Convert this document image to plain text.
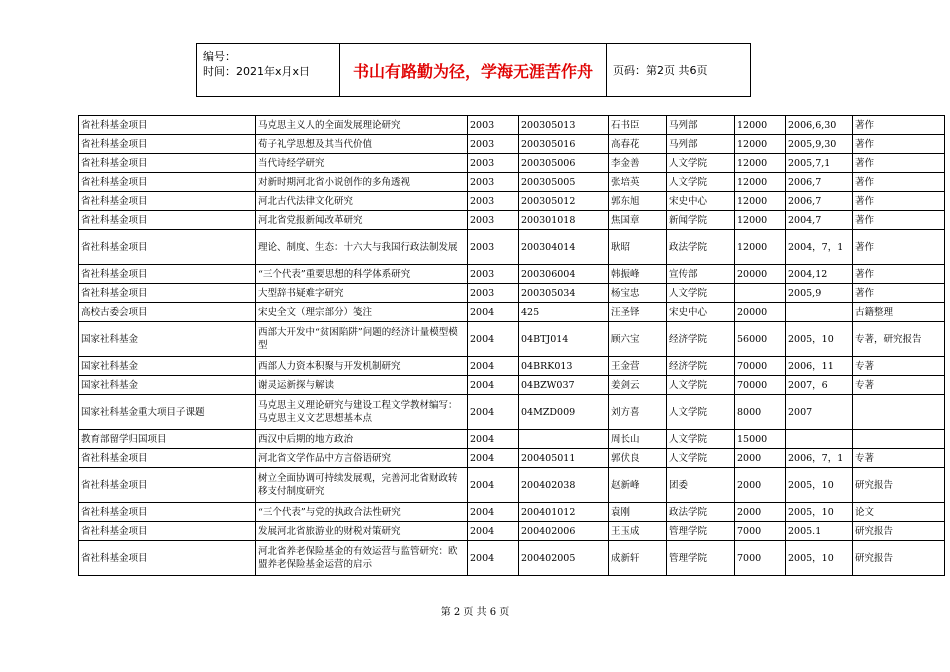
编号：
时间：2021年x月x日	书山有路勤为径，学海无涯苦作舟	页码：第2页 共6页
省社科基金项目	马克思主义人的全面发展理论研究	2003	200305013	石书臣	马列部	12000	2006,6,30	著作
省社科基金项目	荀子礼学思想及其当代价值	2003	200305016	高春花	马列部	12000	2005,9,30	著作
省社科基金项目	当代诗经学研究	2003	200305006	李金善	人文学院	12000	2005,7,1	著作
省社科基金项目	对新时期河北省小说创作的多角透视	2003	200305005	张培英	人文学院	12000	2006,7	著作
省社科基金项目	河北古代法律文化研究	2003	200305012	郭东旭	宋史中心	12000	2006,7	著作
省社科基金项目	河北省党报新闻改革研究	2003	200301018	焦国章	新闻学院	12000	2004,7	著作
省社科基金项目	理论、制度、生态：十六大与我国行政法制发展	2003	200304014	耿昭	政法学院	12000	2004，7，1	著作
省社科基金项目	“三个代表”重要思想的科学体系研究	2003	200306004	韩振峰	宣传部	20000	2004,12	著作
省社科基金项目	大型辞书疑难字研究	2003	200305034	杨宝忠	人文学院		2005,9	著作
高校古委会项目	宋史全文（理宗部分）笺注	2004	425	汪圣铎	宋史中心	20000		古籍整理
国家社科基金	西部大开发中“贫困陷阱”问题的经济计量模型模型	2004	04BTJ014	顾六宝	经济学院	56000	2005，10	专著，研究报告
国家社科基金	西部人力资本积聚与开发机制研究	2004	04BRK013	王金营	经济学院	70000	2006，11	专著
国家社科基金	谢灵运新探与解读	2004	04BZW037	姜剑云	人文学院	70000	2007，6	专著
国家社科基金重大项目子课题	马克思主义理论研究与建设工程文学教材编写：马克思主义文艺思想基本点	2004	04MZD009	刘方喜	人文学院	8000	2007	
教育部留学归国项目	西汉中后期的地方政治	2004		周长山	人文学院	15000		
省社科基金项目	河北省文学作品中方言俗语研究	2004	200405011	郭伏良	人文学院	2000	2006，7，1	专著
省社科基金项目	树立全面协调可持续发展观，完善河北省财政转移支付制度研究	2004	200402038	赵新峰	团委	2000	2005，10	研究报告
省社科基金项目	“三个代表”与党的执政合法性研究	2004	200401012	袁刚	政法学院	2000	2005，10	论文
省社科基金项目	发展河北省旅游业的财税对策研究	2004	200402006	王玉成	管理学院	7000	2005.1	研究报告
省社科基金项目	河北省养老保险基金的有效运营与监管研究：欧盟养老保险基金运营的启示	2004	200402005	成新轩	管理学院	7000	2005，10	研究报告
第 2 页 共 6 页
